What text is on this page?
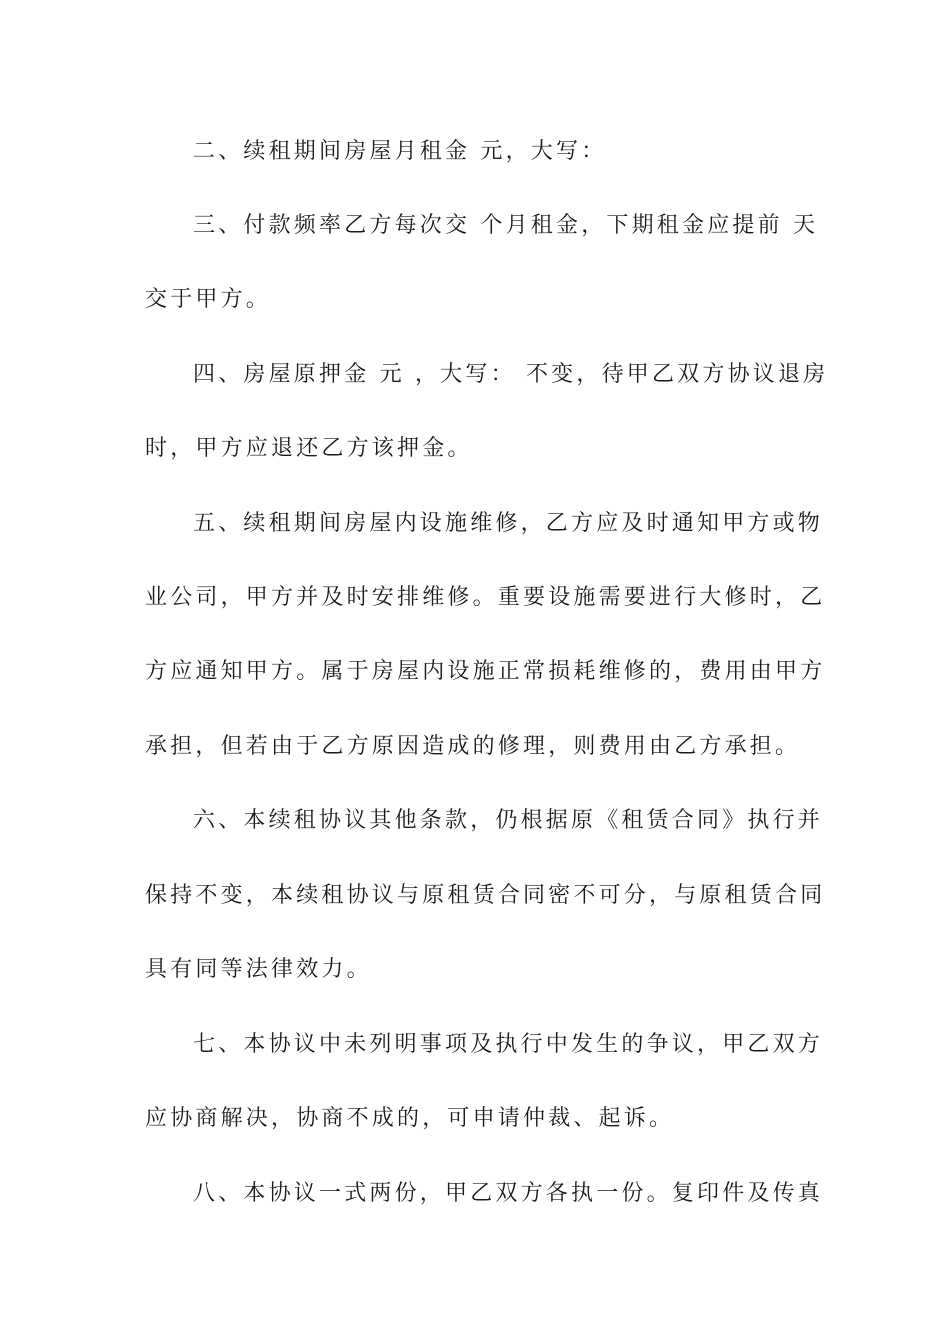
二、续租期间房屋月租金 元，大写：
三、付款频率乙方每次交 个月租金，下期租金应提前 天
交于甲方。
四、房屋原押金 元 ，大写： 不变，待甲乙双方协议退房
时，甲方应退还乙方该押金。
五、续租期间房屋内设施维修，乙方应及时通知甲方或物
业公司，甲方并及时安排维修。重要设施需要进行大修时，乙
方应通知甲方。属于房屋内设施正常损耗维修的，费用由甲方
承担，但若由于乙方原因造成的修理，则费用由乙方承担。
六、本续租协议其他条款，仍根据原《租赁合同》执行并
保持不变，本续租协议与原租赁合同密不可分，与原租赁合同
具有同等法律效力。
七、本协议中未列明事项及执行中发生的争议，甲乙双方
应协商解决，协商不成的，可申请仲裁、起诉。
八、本协议一式两份，甲乙双方各执一份。复印件及传真
